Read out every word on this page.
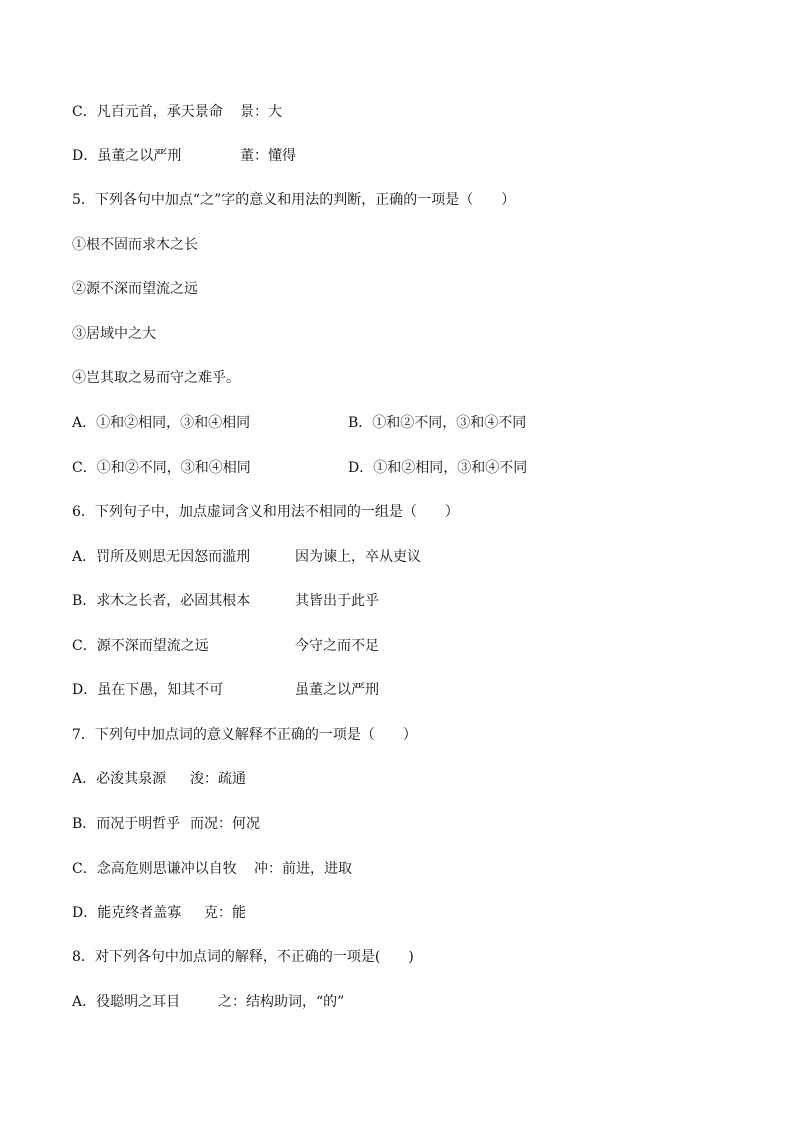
C．凡百元首，承天景命 景：大
D．虽董之以严刑	董：懂得
5．下列各句中加点“之”字的意义和用法的判断，正确的一项是（　　）
①根不固而求木之长
②源不深而望流之远
③居域中之大
④岂其取之易而守之难乎。
A．①和②相同，③和④相同	B．①和②不同，③和④不同
C．①和②不同，③和④相同	D．①和②相同，③和④不同
6．下列句子中，加点虚词含义和用法不相同的一组是（　　）
A．罚所及则思无因怒而滥刑	因为谏上，卒从吏议
B．求木之长者，必固其根本	其皆出于此乎
C．源不深而望流之远	今守之而不足
D．虽在下愚，知其不可	虽董之以严刑
7．下列句中加点词的意义解释不正确的一项是（　　）
A．必浚其泉源 浚：疏通
B．而况于明哲乎 而况：何况
C．念高危则思谦冲以自牧 冲：前进，进取
D．能克终者盖寡 克：能
8．对下列各句中加点词的解释，不正确的一项是(　　)
A．役聪明之耳目	之：结构助词，“的”
